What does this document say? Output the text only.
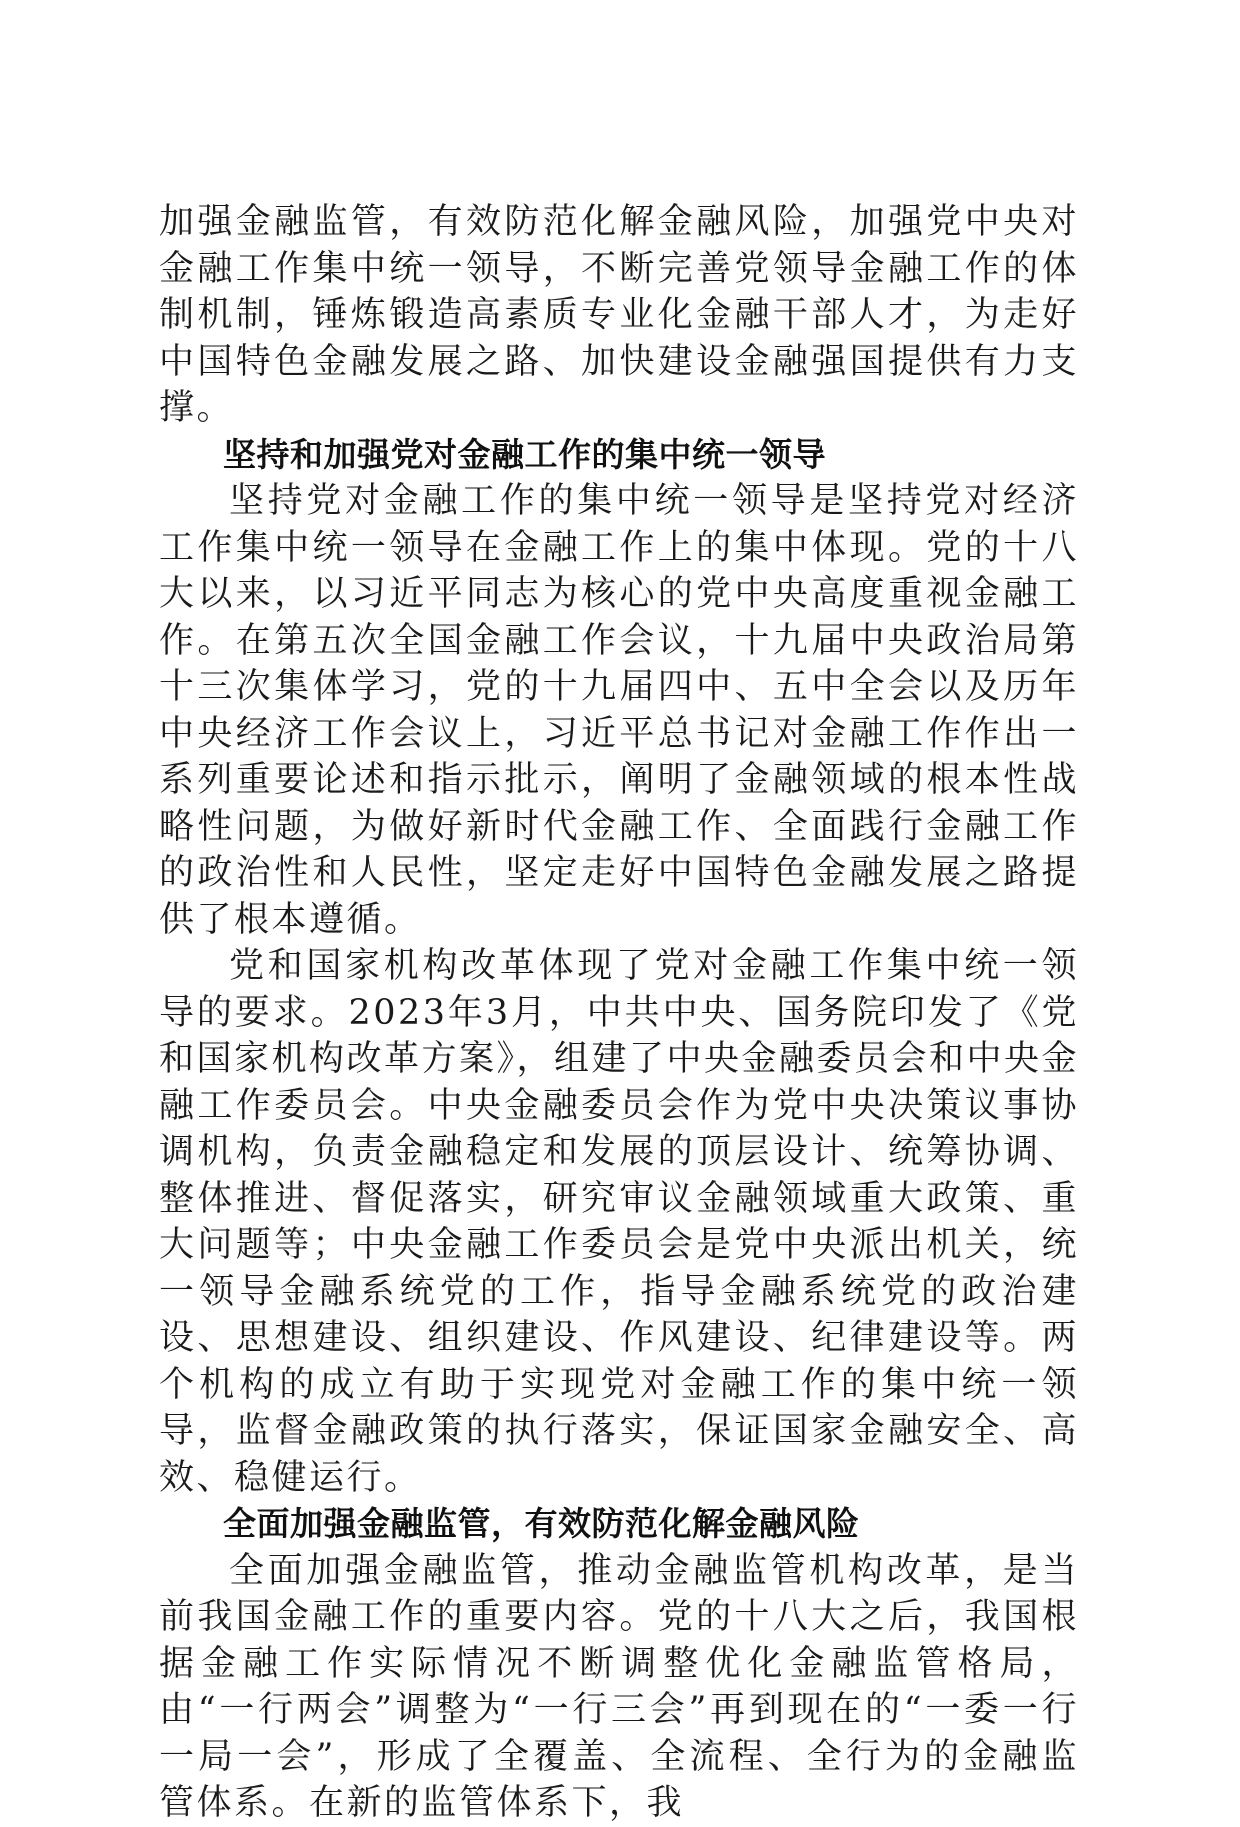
加强金融监管，有效防范化解金融风险，加强党中央对金融工作集中统一领导，不断完善党领导金融工作的体制机制，锤炼锻造高素质专业化金融干部人才，为走好中国特色金融发展之路、加快建设金融强国提供有力支撑。

坚持和加强党对金融工作的集中统一领导

坚持党对金融工作的集中统一领导是坚持党对经济工作集中统一领导在金融工作上的集中体现。党的十八大以来，以习近平同志为核心的党中央高度重视金融工作。在第五次全国金融工作会议，十九届中央政治局第十三次集体学习，党的十九届四中、五中全会以及历年中央经济工作会议上，习近平总书记对金融工作作出一系列重要论述和指示批示，阐明了金融领域的根本性战略性问题，为做好新时代金融工作、全面践行金融工作的政治性和人民性，坚定走好中国特色金融发展之路提供了根本遵循。

党和国家机构改革体现了党对金融工作集中统一领导的要求。2023年3月，中共中央、国务院印发了《党和国家机构改革方案》，组建了中央金融委员会和中央金融工作委员会。中央金融委员会作为党中央决策议事协调机构，负责金融稳定和发展的顶层设计、统筹协调、整体推进、督促落实，研究审议金融领域重大政策、重大问题等；中央金融工作委员会是党中央派出机关，统一领导金融系统党的工作，指导金融系统党的政治建设、思想建设、组织建设、作风建设、纪律建设等。两个机构的成立有助于实现党对金融工作的集中统一领导，监督金融政策的执行落实，保证国家金融安全、高效、稳健运行。

全面加强金融监管，有效防范化解金融风险

全面加强金融监管，推动金融监管机构改革，是当前我国金融工作的重要内容。党的十八大之后，我国根据金融工作实际情况不断调整优化金融监管格局，由“一行两会”调整为“一行三会”再到现在的“一委一行一局一会”，形成了全覆盖、全流程、全行为的金融监管体系。在新的监管体系下，我
